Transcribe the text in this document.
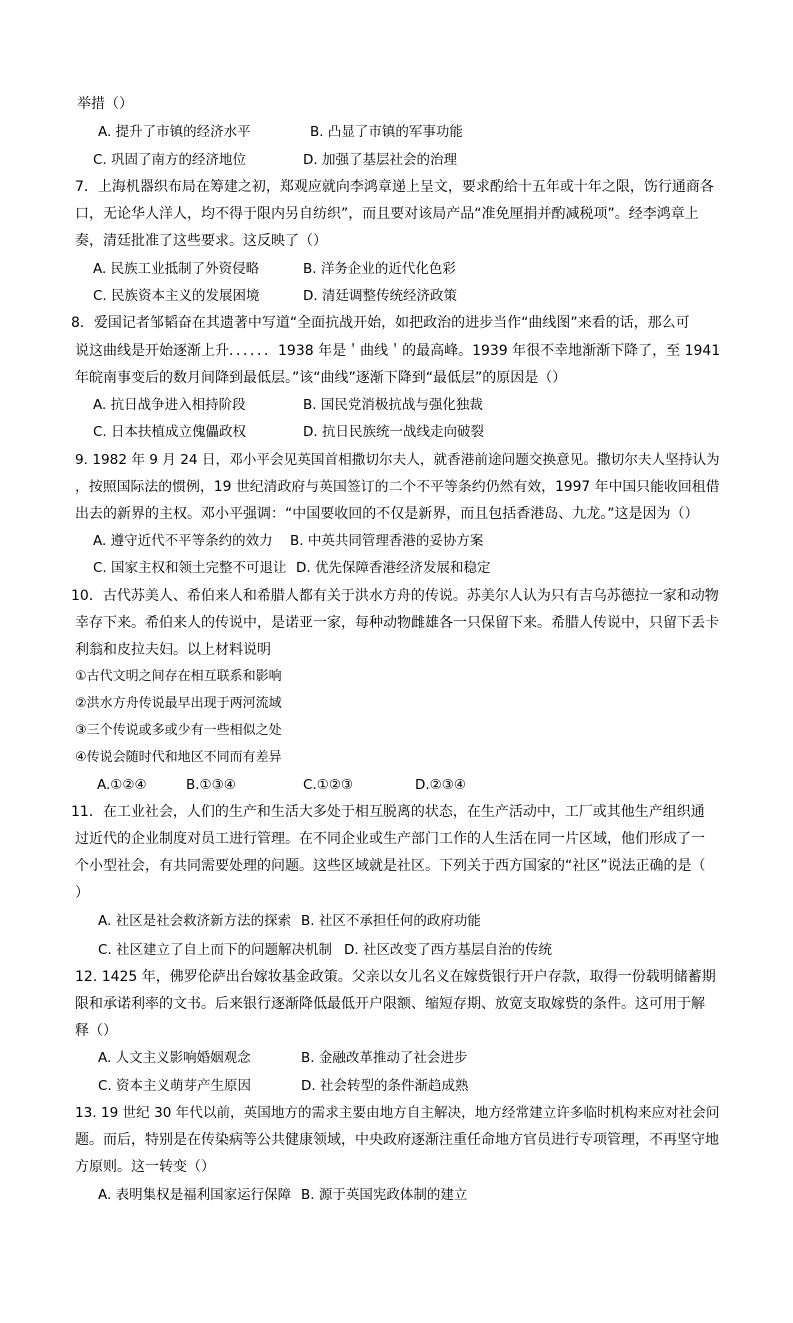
举措（）
A. 提升了市镇的经济水平	B. 凸显了市镇的军事功能
C. 巩固了南方的经济地位	D. 加强了基层社会的治理
7．上海机器织布局在筹建之初，郑观应就向李鸿章递上呈文，要求酌给十五年或十年之限，饬行通商各
口，无论华人洋人，均不得于限内另自纺织”，而且要对该局产品“准免厘捐并酌减税项”。经李鸿章上
奏，清廷批准了这些要求。这反映了（）
A. 民族工业抵制了外资侵略	B. 洋务企业的近代化色彩
C. 民族资本主义的发展困境	D. 清廷调整传统经济政策
8．爱国记者邹韬奋在其遗著中写道“全面抗战开始，如把政治的进步当作“曲线图”来看的话，那么可
说这曲线是开始逐渐上升．．．．．．1938 年是＇曲线＇的最高峰。1939 年很不幸地渐渐下降了，至 1941
年皖南事变后的数月间降到最低层。”该“曲线”逐渐下降到“最低层”的原因是（）
A. 抗日战争进入相持阶段	B. 国民党消极抗战与强化独裁
C. 日本扶植成立傀儡政权	D. 抗日民族统一战线走向破裂
9. 1982 年 9 月 24 日，邓小平会见英国首相撒切尔夫人，就香港前途问题交换意见。撒切尔夫人坚持认为
，按照国际法的惯例，19 世纪清政府与英国签订的二个不平等条约仍然有效，1997 年中国只能收回租借
出去的新界的主权。邓小平强调：“中国要收回的不仅是新界，而且包括香港岛、九龙。”这是因为（）
A. 遵守近代不平等条约的效力 B. 中英共同管理香港的妥协方案
C. 国家主权和领土完整不可退让 D. 优先保障香港经济发展和稳定
10．古代苏美人、希伯来人和希腊人都有关于洪水方舟的传说。苏美尔人认为只有吉乌苏德拉一家和动物
幸存下来。希伯来人的传说中，是诺亚一家，每种动物雌雄各一只保留下来。希腊人传说中，只留下丢卡
利翁和皮拉夫妇。以上材料说明
①古代文明之间存在相互联系和影响
②洪水方舟传说最早出现于两河流域
③三个传说或多或少有一些相似之处
④传说会随时代和地区不同而有差异
A.①②④	B.①③④	C.①②③	D.②③④
11．在工业社会，人们的生产和生活大多处于相互脱离的状态，在生产活动中，工厂或其他生产组织通
过近代的企业制度对员工进行管理。在不同企业或生产部门工作的人生活在同一片区域，他们形成了一
个小型社会，有共同需要处理的问题。这些区域就是社区。下列关于西方国家的“社区”说法正确的是（
）
A. 社区是社会救济新方法的探索 B. 社区不承担任何的政府功能
C. 社区建立了自上而下的问题解决机制 D. 社区改变了西方基层自治的传统
12. 1425 年，佛罗伦萨出台嫁妆基金政策。父亲以女儿名义在嫁赀银行开户存款，取得一份载明储蓄期
限和承诺利率的文书。后来银行逐渐降低最低开户限额、缩短存期、放宽支取嫁赀的条件。这可用于解
释（）
A. 人文主义影响婚姻观念	B. 金融改革推动了社会进步
C. 资本主义萌芽产生原因	D. 社会转型的条件渐趋成熟
13. 19 世纪 30 年代以前，英国地方的需求主要由地方自主解决，地方经常建立许多临时机构来应对社会问
题。而后，特别是在传染病等公共健康领域，中央政府逐渐注重任命地方官员进行专项管理，不再坚守地
方原则。这一转变（）
A. 表明集权是福利国家运行保障 B. 源于英国宪政体制的建立
